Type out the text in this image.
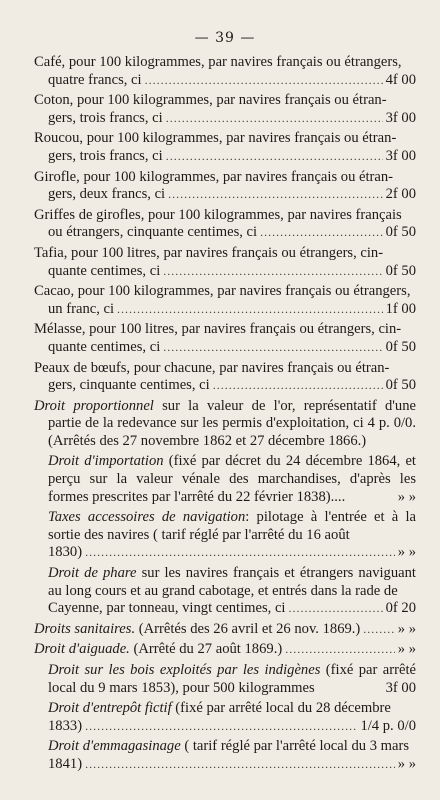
— 39 —
Café, pour 100 kilogrammes, par navires français ou étrangers,
quatre francs, ci .....	4f 00
Coton, pour 100 kilogrammes, par navires français ou étran-
gers, trois francs, ci .....	3f 00
Roucou, pour 100 kilogrammes, par navires français ou étran-
gers, trois francs, ci .....	3f 00
Girofle, pour 100 kilogrammes, par navires français ou étran-
gers, deux francs, ci .....	2f 00
Griffes de girofles, pour 100 kilogrammes, par navires français
ou étrangers, cinquante centimes, ci .....	0f 50
Tafia, pour 100 litres, par navires français ou étrangers, cin-
quante centimes, ci .....	0f 50
Cacao, pour 100 kilogrammes, par navires français ou étrangers,
un franc, ci .....	1f 00
Mélasse, pour 100 litres, par navires français ou étrangers, cin-
quante centimes, ci .....	0f 50
Peaux de bœufs, pour chacune, par navires français ou étran-
gers, cinquante centimes, ci .....	0f 50
Droit proportionnel sur la valeur de l'or, représentatif d'une partie de la redevance sur les permis d'exploitation, ci 4 p. 0/0. (Arrêtés des 27 novembre 1862 et 27 décembre 1866.)
Droit d'importation (fixé par décret du 24 décembre 1864, et perçu sur la valeur vénale des marchandises, d'après les formes prescrites par l'arrêté du 22 février 1838)....	» »
Taxes accessoires de navigation: pilotage à l'entrée et à la sortie des navires ( tarif réglé par l'arrêté du 16 août
1830) .....	» »
Droit de phare sur les navires français et étrangers naviguant au long cours et au grand cabotage, et entrés dans la rade de
Cayenne, par tonneau, vingt centimes, ci .....	0f 20
Droits sanitaires. (Arrêtés des 26 avril et 26 nov. 1869.) .....	» »
Droit d'aiguade. (Arrêté du 27 août 1869.) .....	» »
Droit sur les bois exploités par les indigènes (fixé par arrêté local du 9 mars 1853), pour 500 kilogrammes	3f 00
Droit d'entrepôt fictif (fixé par arrêté local du 28 décembre
1833) .....	1/4 p. 0/0
Droit d'emmagasinage ( tarif réglé par l'arrêté local du 3 mars
1841) .....	» »
